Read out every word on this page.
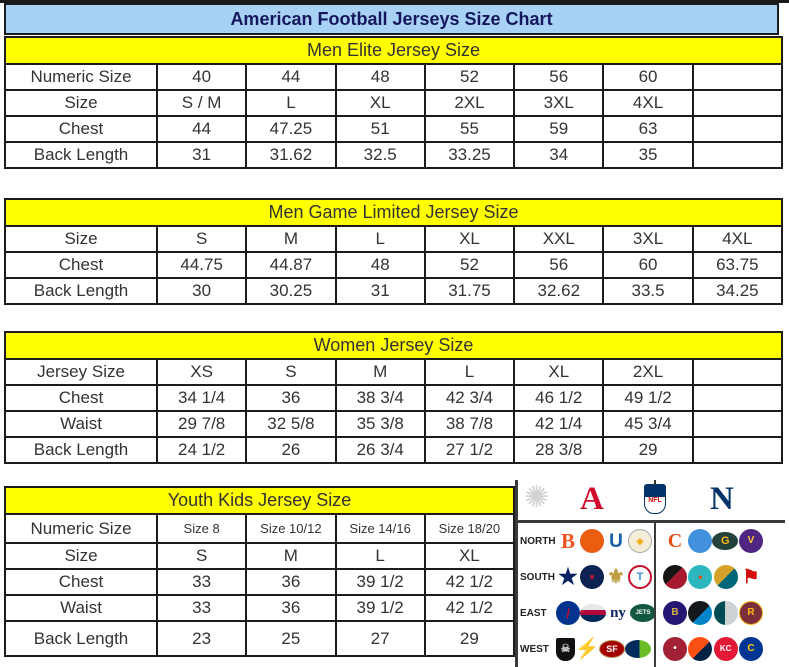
American Football Jerseys Size Chart
Men Elite Jersey Size							
Numeric Size	40	44	48	52	56	60	
Size	S / M	L	XL	2XL	3XL	4XL	
Chest	44	47.25	51	55	59	63	
Back Length	31	31.62	32.5	33.25	34	35	
Men Game Limited Jersey Size							
Size	S	M	L	XL	XXL	3XL	4XL
Chest	44.75	44.87	48	52	56	60	63.75
Back Length	30	30.25	31	31.75	32.62	33.5	34.25
Women Jersey Size							
Jersey Size	XS	S	M	L	XL	2XL	
Chest	34 1/4	36	38 3/4	42 3/4	46 1/2	49 1/2	
Waist	29 7/8	32 5/8	35 3/8	38 7/8	42 1/4	45 3/4	
Back Length	24 1/2	26	26 3/4	27 1/2	28 3/8	29	
Youth Kids Jersey Size				
Numeric Size	Size 8	Size 10/12	Size 14/16	Size 18/20
Size	S	M	L	XL
Chest	33	36	39 1/2	42 1/2
Waist	33	36	39 1/2	42 1/2
Back Length	23	25	27	29
✺ A	NFL N
NORTH B U	◆	C	G	V
SOUTH ★	▾ ⚜	T	•	⚑
EAST	/	ny	JETS	B	R
WEST	☠ ⚡ SF	•	KC	C
